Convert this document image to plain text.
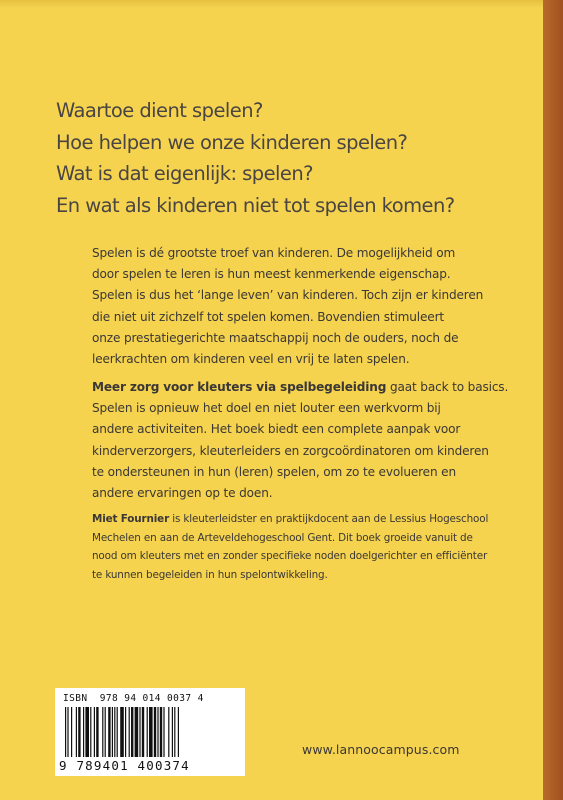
Waartoe dient spelen?
Hoe helpen we onze kinderen spelen?
Wat is dat eigenlijk: spelen?
En wat als kinderen niet tot spelen komen?

Spelen is dé grootste troef van kinderen. De mogelijkheid om
door spelen te leren is hun meest kenmerkende eigenschap.
Spelen is dus het ‘lange leven’ van kinderen. Toch zijn er kinderen
die niet uit zichzelf tot spelen komen. Bovendien stimuleert
onze prestatiegerichte maatschappij noch de ouders, noch de
leerkrachten om kinderen veel en vrij te laten spelen.

Meer zorg voor kleuters via spelbegeleiding gaat back to basics.
Spelen is opnieuw het doel en niet louter een werkvorm bij
andere activiteiten. Het boek biedt een complete aanpak voor
kinderverzorgers, kleuterleiders en zorgcoördinatoren om kinderen
te ondersteunen in hun (leren) spelen, om zo te evolueren en
andere ervaringen op te doen.

Miet Fournier is kleuterleidster en praktijkdocent aan de Lessius Hogeschool
Mechelen en aan de Arteveldehogeschool Gent. Dit boek groeide vanuit de
nood om kleuters met en zonder specifieke noden doelgerichter en efficiënter
te kunnen begeleiden in hun spelontwikkeling.

ISBN  978 94 014 0037 4
9 789401 400374
www.lannoocampus.com
